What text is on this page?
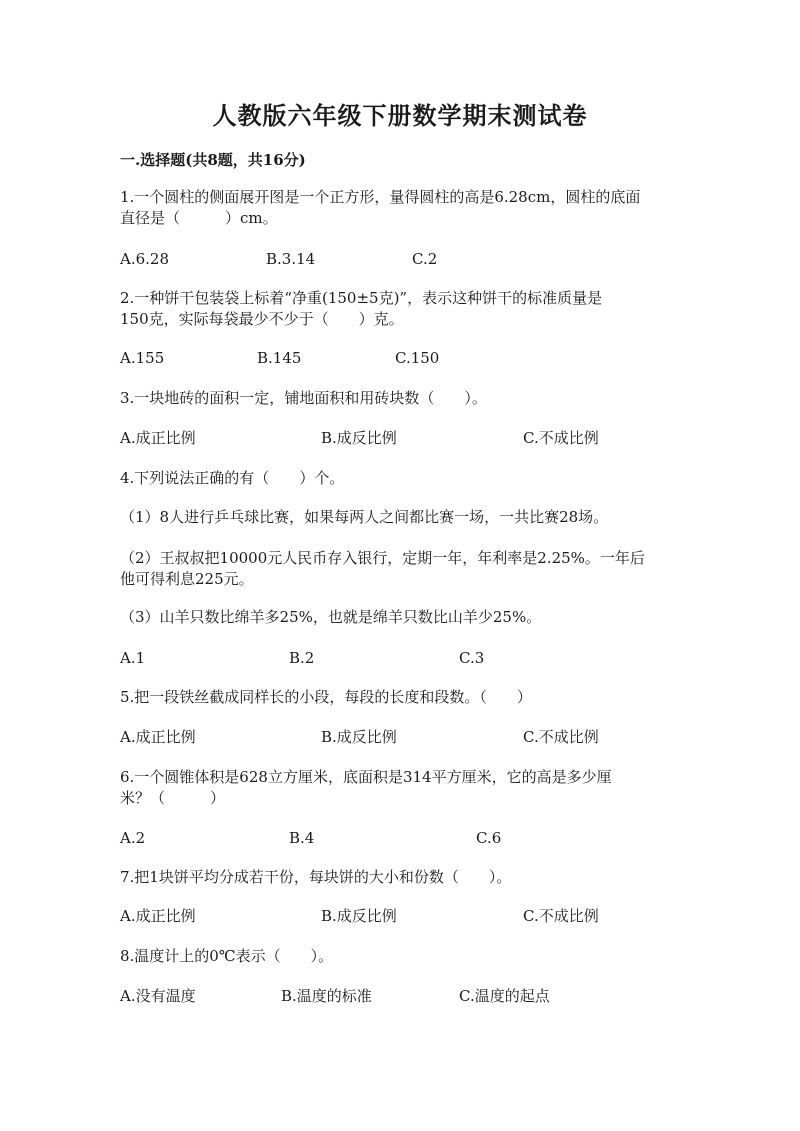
人教版六年级下册数学期末测试卷
一.选择题(共8题，共16分)
1.一个圆柱的侧面展开图是一个正方形，量得圆柱的高是6.28cm，圆柱的底面
直径是（　　　）cm。
A.6.28	B.3.14	C.2
2.一种饼干包装袋上标着“净重(150±5克)”，表示这种饼干的标准质量是
150克，实际每袋最少不少于（　　）克。
A.155	B.145	C.150
3.一块地砖的面积一定，铺地面积和用砖块数（　　）。
A.成正比例	B.成反比例	C.不成比例
4.下列说法正确的有（　　）个。
（1）8人进行乒乓球比赛，如果每两人之间都比赛一场，一共比赛28场。
（2）王叔叔把10000元人民币存入银行，定期一年，年利率是2.25%。一年后
他可得利息225元。
（3）山羊只数比绵羊多25%，也就是绵羊只数比山羊少25%。
A.1	B.2	C.3
5.把一段铁丝截成同样长的小段，每段的长度和段数。（　　）
A.成正比例	B.成反比例	C.不成比例
6.一个圆锥体积是628立方厘米，底面积是314平方厘米，它的高是多少厘
米？（　　　）
A.2	B.4	C.6
7.把1块饼平均分成若干份，每块饼的大小和份数（　　）。
A.成正比例	B.成反比例	C.不成比例
8.温度计上的0℃表示（　　）。
A.没有温度	B.温度的标准	C.温度的起点
